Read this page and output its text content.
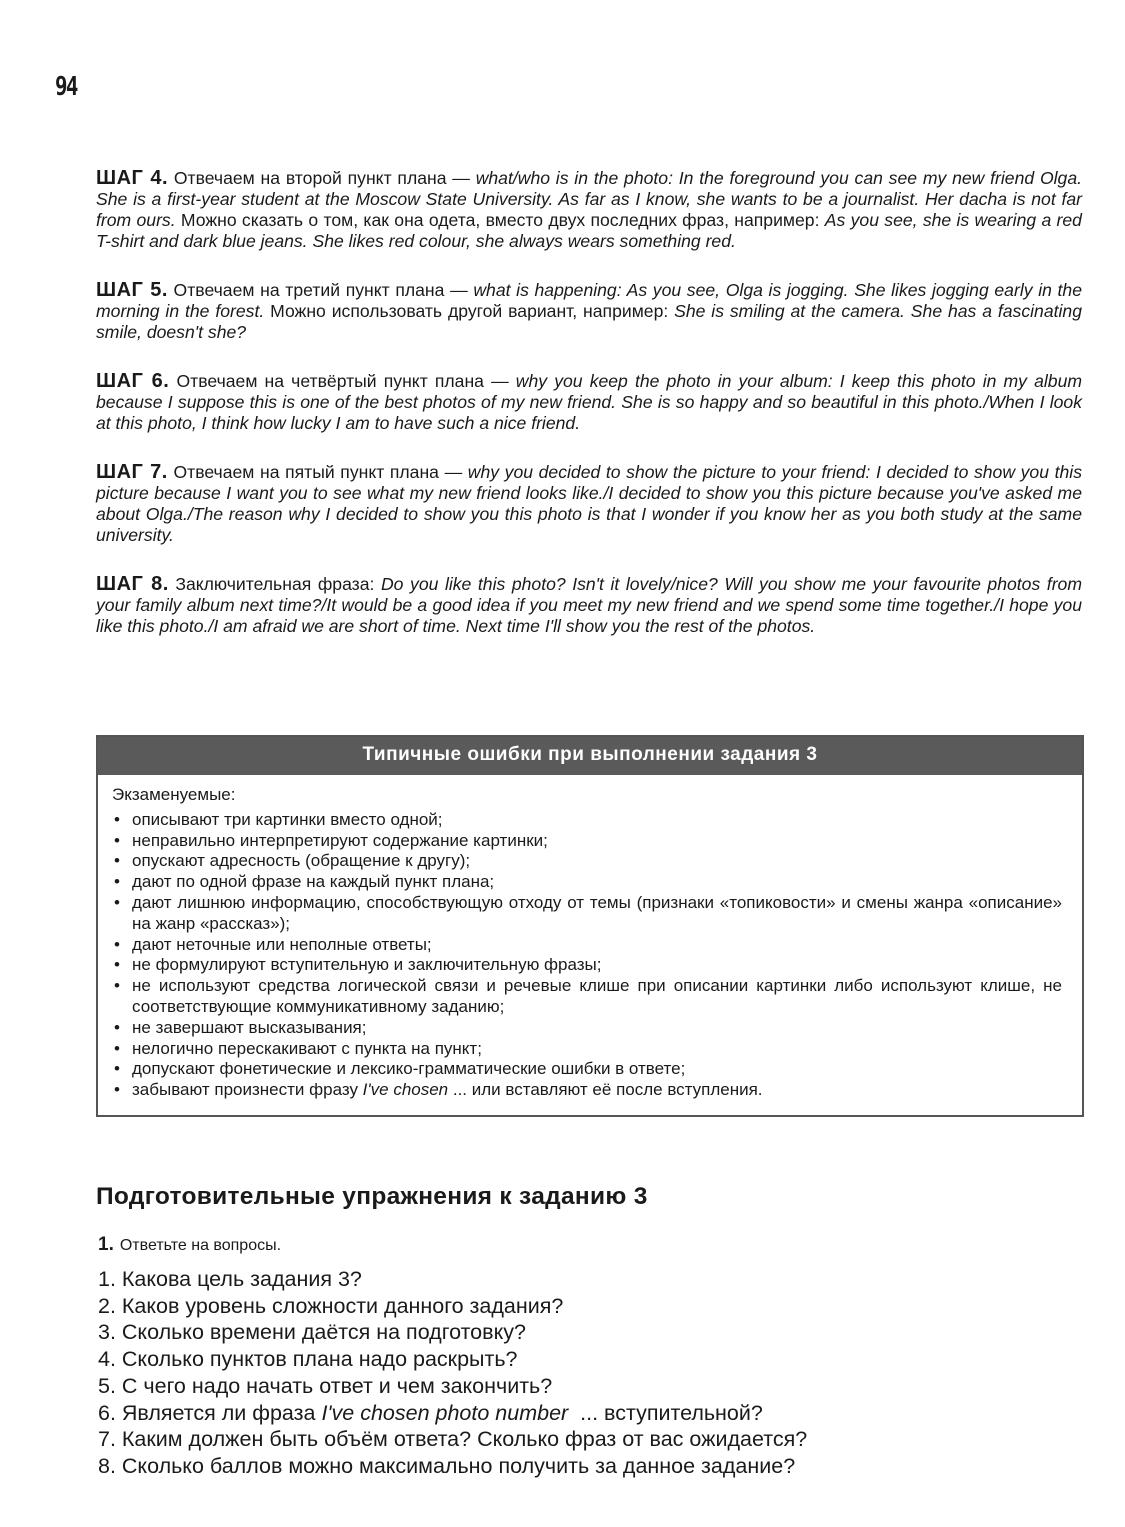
94

ШАГ 4. Отвечаем на второй пункт плана — what/who is in the photo: In the foreground you can see my new friend Olga. She is a first-year student at the Moscow State University. As far as I know, she wants to be a journalist. Her dacha is not far from ours. Можно сказать о том, как она одета, вместо двух последних фраз, например: As you see, she is wearing a red T-shirt and dark blue jeans. She likes red colour, she always wears something red.

ШАГ 5. Отвечаем на третий пункт плана — what is happening: As you see, Olga is jogging. She likes jogging early in the morning in the forest. Можно использовать другой вариант, например: She is smiling at the camera. She has a fascinating smile, doesn't she?

ШАГ 6. Отвечаем на четвёртый пункт плана — why you keep the photo in your album: I keep this photo in my album because I suppose this is one of the best photos of my new friend. She is so happy and so beautiful in this photo./When I look at this photo, I think how lucky I am to have such a nice friend.

ШАГ 7. Отвечаем на пятый пункт плана — why you decided to show the picture to your friend: I decided to show you this picture because I want you to see what my new friend looks like./I decided to show you this picture because you've asked me about Olga./The reason why I decided to show you this photo is that I wonder if you know her as you both study at the same university.

ШАГ 8. Заключительная фраза: Do you like this photo? Isn't it lovely/nice? Will you show me your favourite photos from your family album next time?/It would be a good idea if you meet my new friend and we spend some time together./I hope you like this photo./I am afraid we are short of time. Next time I'll show you the rest of the photos.

Типичные ошибки при выполнении задания 3
Экзаменуемые:
• описывают три картинки вместо одной;
• неправильно интерпретируют содержание картинки;
• опускают адресность (обращение к другу);
• дают по одной фразе на каждый пункт плана;
• дают лишнюю информацию, способствующую отходу от темы (признаки «топиковости» и смены жанра «описание» на жанр «рассказ»);
• дают неточные или неполные ответы;
• не формулируют вступительную и заключительную фразы;
• не используют средства логической связи и речевые клише при описании картинки либо используют клише, не соответствующие коммуникативному заданию;
• не завершают высказывания;
• нелогично перескакивают с пункта на пункт;
• допускают фонетические и лексико-грамматические ошибки в ответе;
• забывают произнести фразу I've chosen ... или вставляют её после вступления.
Подготовительные упражнения к заданию 3
1. Ответьте на вопросы.
1. Какова цель задания 3?
2. Каков уровень сложности данного задания?
3. Сколько времени даётся на подготовку?
4. Сколько пунктов плана надо раскрыть?
5. С чего надо начать ответ и чем закончить?
6. Является ли фраза I've chosen photo number  ... вступительной?
7. Каким должен быть объём ответа? Сколько фраз от вас ожидается?
8. Сколько баллов можно максимально получить за данное задание?
